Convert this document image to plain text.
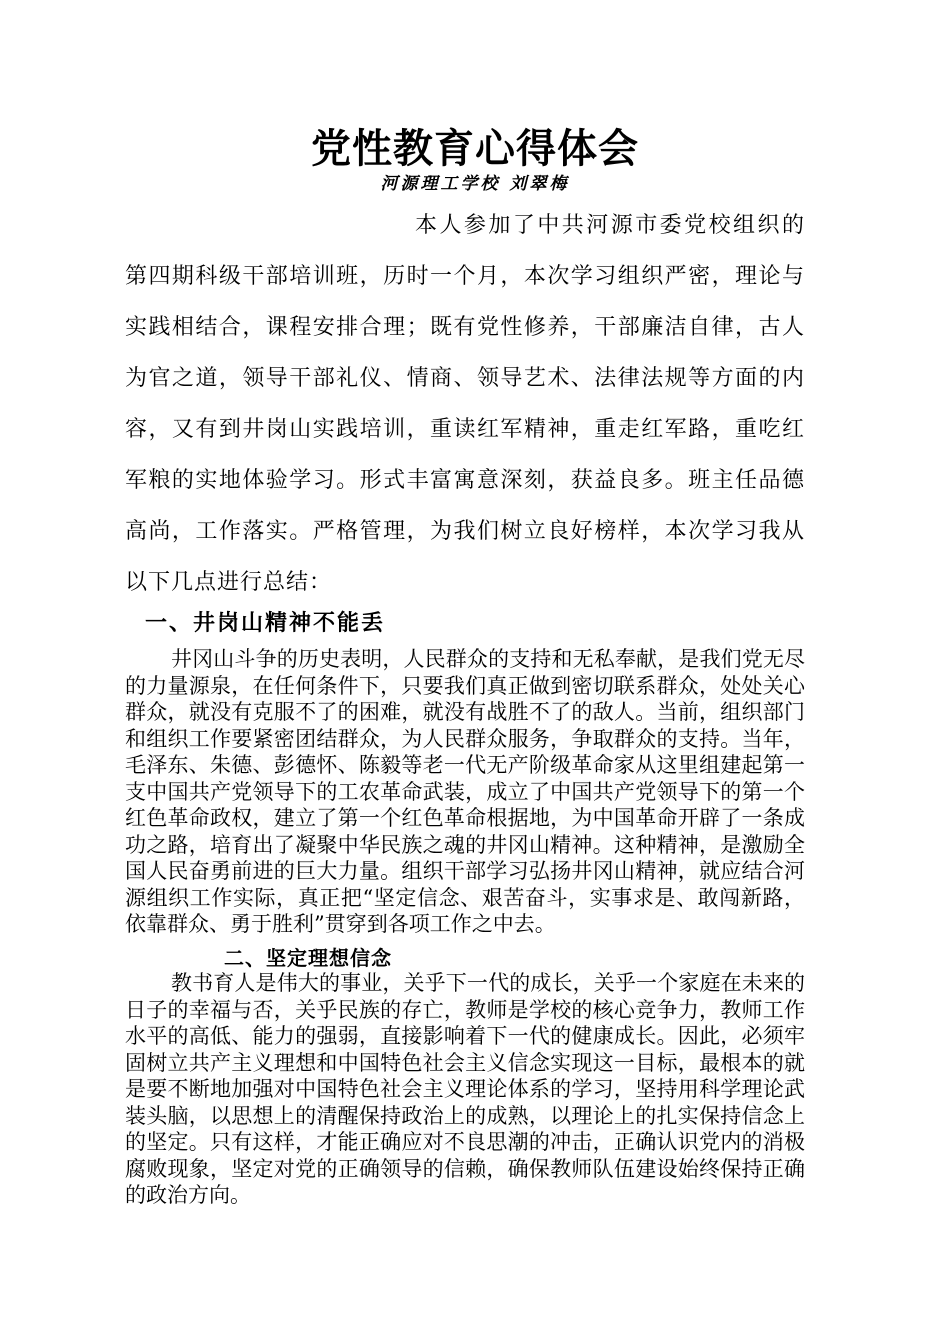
党性教育心得体会

河源理工学校 刘翠梅

本人参加了中共河源市委党校组织的第四期科级干部培训班，历时一个月，本次学习组织严密，理论与实践相结合，课程安排合理；既有党性修养，干部廉洁自律，古人为官之道，领导干部礼仪、情商、领导艺术、法律法规等方面的内容，又有到井岗山实践培训，重读红军精神，重走红军路，重吃红军粮的实地体验学习。形式丰富寓意深刻，获益良多。班主任品德高尚，工作落实。严格管理，为我们树立良好榜样，本次学习我从以下几点进行总结：

一、井岗山精神不能丢

井冈山斗争的历史表明，人民群众的支持和无私奉献，是我们党无尽的力量源泉，在任何条件下，只要我们真正做到密切联系群众，处处关心群众，就没有克服不了的困难，就没有战胜不了的敌人。当前，组织部门和组织工作要紧密团结群众，为人民群众服务，争取群众的支持。当年，毛泽东、朱德、彭德怀、陈毅等老一代无产阶级革命家从这里组建起第一支中国共产党领导下的工农革命武装，成立了中国共产党领导下的第一个红色革命政权，建立了第一个红色革命根据地，为中国革命开辟了一条成功之路，培育出了凝聚中华民族之魂的井冈山精神。这种精神，是激励全国人民奋勇前进的巨大力量。组织干部学习弘扬井冈山精神，就应结合河源组织工作实际，真正把“坚定信念、艰苦奋斗，实事求是、敢闯新路，依靠群众、勇于胜利”贯穿到各项工作之中去。

二、坚定理想信念

教书育人是伟大的事业，关乎下一代的成长，关乎一个家庭在未来的日子的幸福与否，关乎民族的存亡，教师是学校的核心竞争力，教师工作水平的高低、能力的强弱，直接影响着下一代的健康成长。因此，必须牢固树立共产主义理想和中国特色社会主义信念实现这一目标，最根本的就是要不断地加强对中国特色社会主义理论体系的学习，坚持用科学理论武装头脑，以思想上的清醒保持政治上的成熟，以理论上的扎实保持信念上的坚定。只有这样，才能正确应对不良思潮的冲击，正确认识党内的消极腐败现象，坚定对党的正确领导的信赖，确保教师队伍建设始终保持正确的政治方向。
